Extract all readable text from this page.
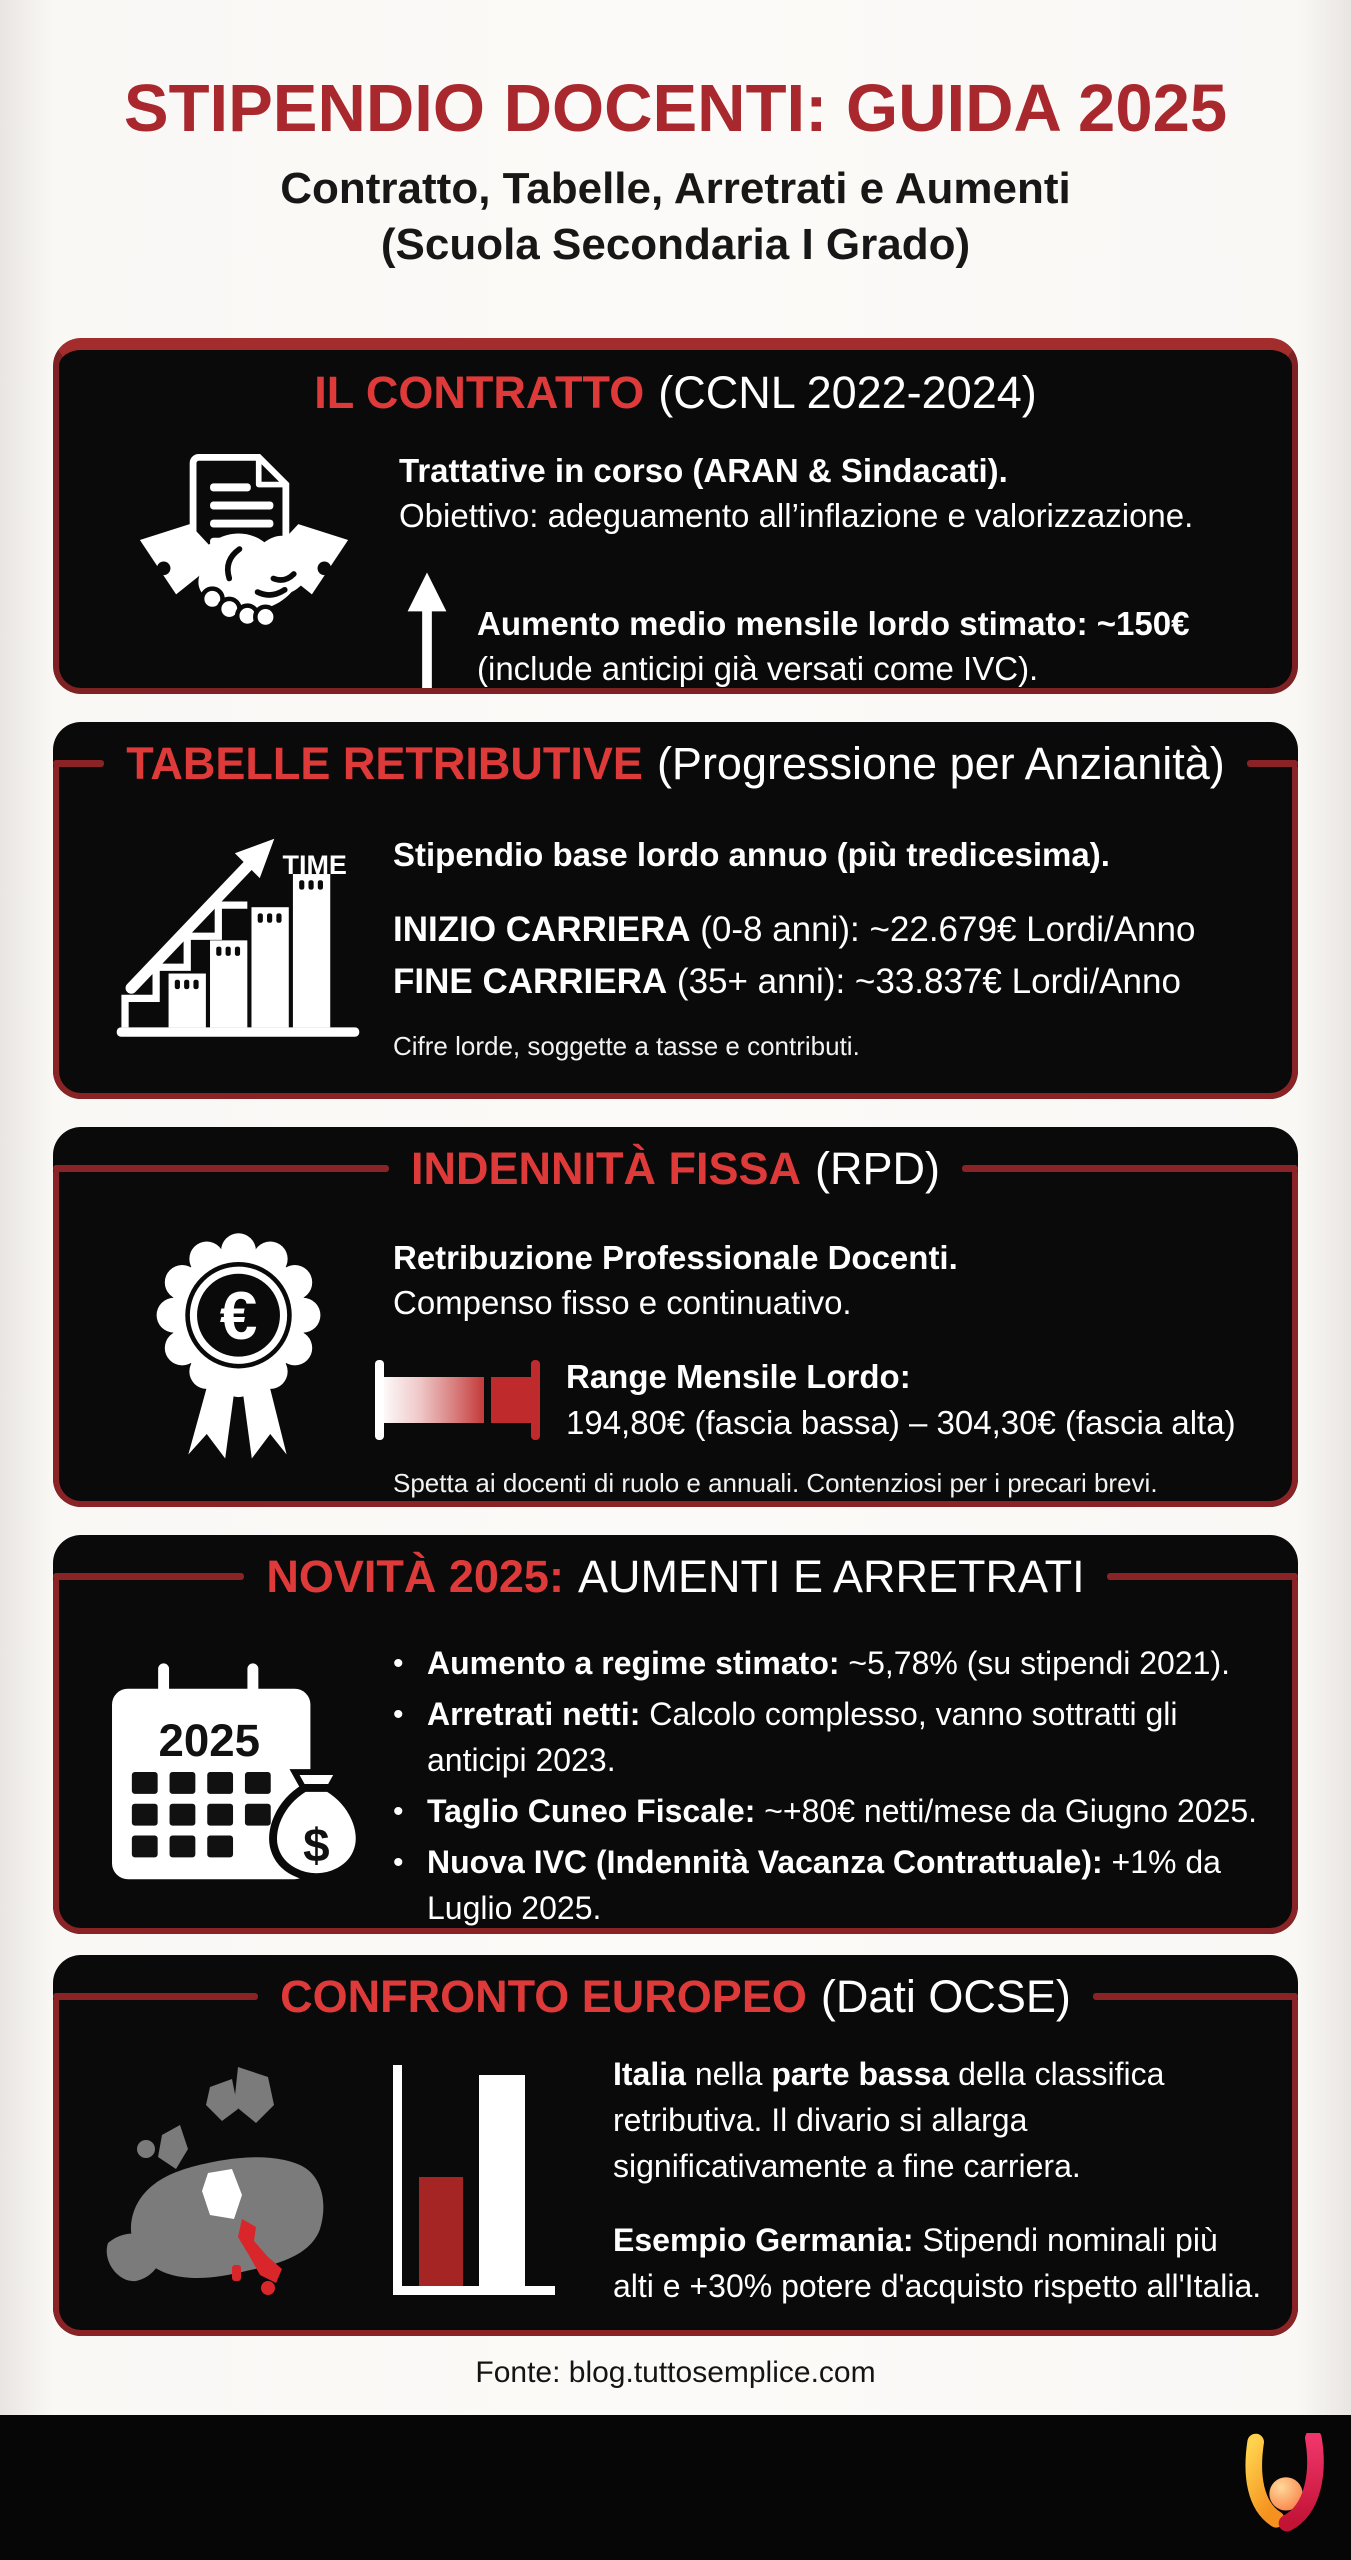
STIPENDIO DOCENTI: GUIDA 2025
Contratto, Tabelle, Arretrati e Aumenti
(Scuola Secondaria I Grado)
IL CONTRATTO (CCNL 2022-2024)
Trattative in corso (ARAN & Sindacati).
Obiettivo: adeguamento all’inflazione e valorizzazione.
Aumento medio mensile lordo stimato: ~150€
(include anticipi già versati come IVC).
TABELLE RETRIBUTIVE (Progressione per Anzianità)
TIME Stipendio base lordo annuo (più tredicesima).
INIZIO CARRIERA (0-8 anni): ~22.679€ Lordi/Anno
FINE CARRIERA (35+ anni): ~33.837€ Lordi/Anno
Cifre lorde, soggette a tasse e contributi.
INDENNITÀ FISSA (RPD)
€
Retribuzione Professionale Docenti.
Compenso fisso e continuativo.
Range Mensile Lordo:
194,80€ (fascia bassa) – 304,30€ (fascia alta)
Spetta ai docenti di ruolo e annuali. Contenziosi per i precari brevi.
NOVITÀ 2025: AUMENTI E ARRETRATI
2025
$
• Aumento a regime stimato: ~5,78% (su stipendi 2021).
• Arretrati netti: Calcolo complesso, vanno sottratti gli anticipi 2023.
• Taglio Cuneo Fiscale: ~+80€ netti/mese da Giugno 2025.
• Nuova IVC (Indennità Vacanza Contrattuale): +1% da Luglio 2025.
CONFRONTO EUROPEO (Dati OCSE)
Italia nella parte bassa della classifica retributiva. Il divario si allarga significativamente a fine carriera.
Esempio Germania: Stipendi nominali più alti e +30% potere d'acquisto rispetto all'Italia.
Fonte: blog.tuttosemplice.com
